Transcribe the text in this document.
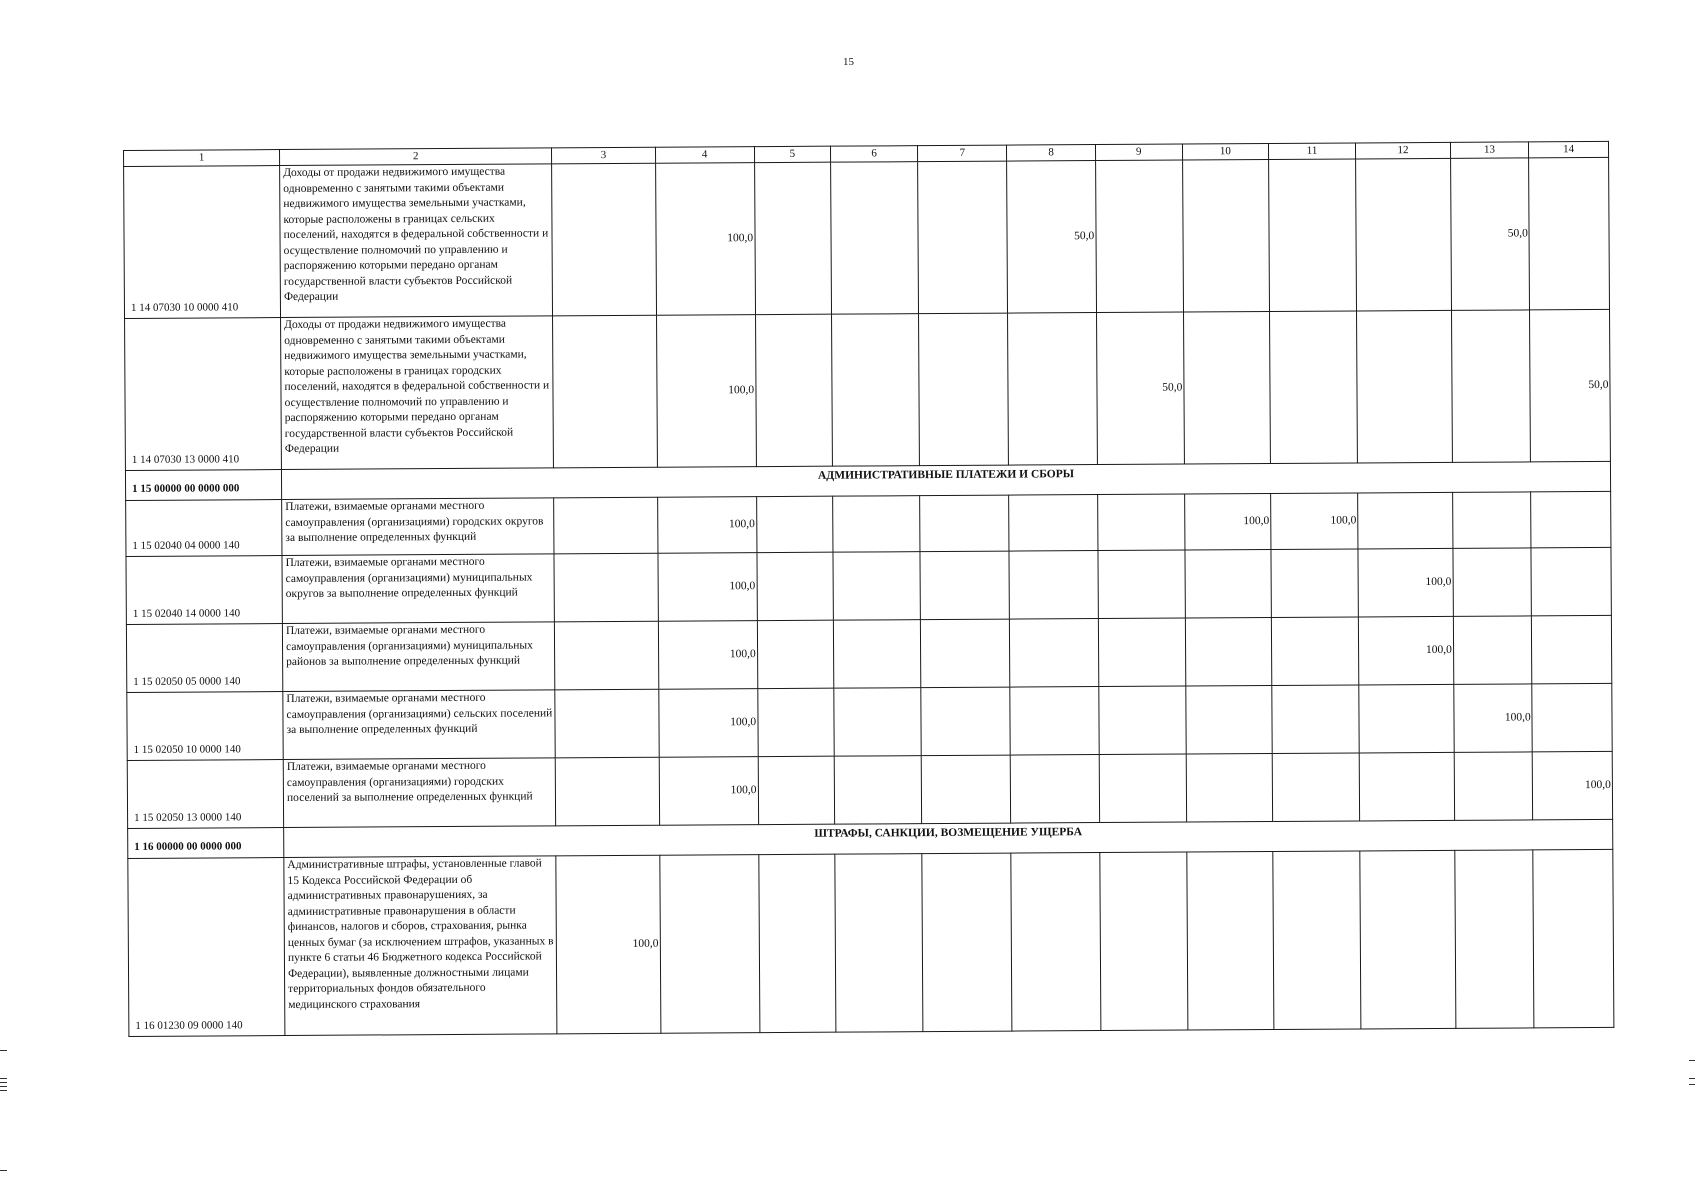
15
1	2	3	4	5	6	7	8	9	10	11	12	13	14
1 14 07030 10 0000 410	Доходы от продажи недвижимого имущества одновременно с занятыми такими объектами недвижимого имущества земельными участками, которые расположены в границах сельских поселений, находятся в федеральной собственности и осуществление полномочий по управлению и распоряжению которыми передано органам государственной власти субъектов Российской Федерации		100,0				50,0					50,0	
1 14 07030 13 0000 410	Доходы от продажи недвижимого имущества одновременно с занятыми такими объектами недвижимого имущества земельными участками, которые расположены в границах городских поселений, находятся в федеральной собственности и осуществление полномочий по управлению и распоряжению которыми передано органам государственной власти субъектов Российской Федерации		100,0					50,0					50,0
1 15 00000 00 0000 000	АДМИНИСТРАТИВНЫЕ ПЛАТЕЖИ И СБОРЫ												
1 15 02040 04 0000 140	Платежи, взимаемые органами местного самоуправления (организациями) городских округов за выполнение определенных функций		100,0						100,0	100,0			
1 15 02040 14 0000 140	Платежи, взимаемые органами местного самоуправления (организациями) муниципальных округов за выполнение определенных функций		100,0								100,0		
1 15 02050 05 0000 140	Платежи, взимаемые органами местного самоуправления (организациями) муниципальных районов за выполнение определенных функций		100,0								100,0		
1 15 02050 10 0000 140	Платежи, взимаемые органами местного самоуправления (организациями) сельских поселений за выполнение определенных функций		100,0									100,0	
1 15 02050 13 0000 140	Платежи, взимаемые органами местного самоуправления (организациями) городских поселений за выполнение определенных функций		100,0										100,0
1 16 00000 00 0000 000	ШТРАФЫ, САНКЦИИ, ВОЗМЕЩЕНИЕ УЩЕРБА												
1 16 01230 09 0000 140	Административные штрафы, установленные главой 15 Кодекса Российской Федерации об административных правонарушениях, за административные правонарушения в области финансов, налогов и сборов, страхования, рынка ценных бумаг (за исключением штрафов, указанных в пункте 6 статьи 46 Бюджетного кодекса Российской Федерации), выявленные должностными лицами территориальных фондов обязательного медицинского страхования	100,0											
